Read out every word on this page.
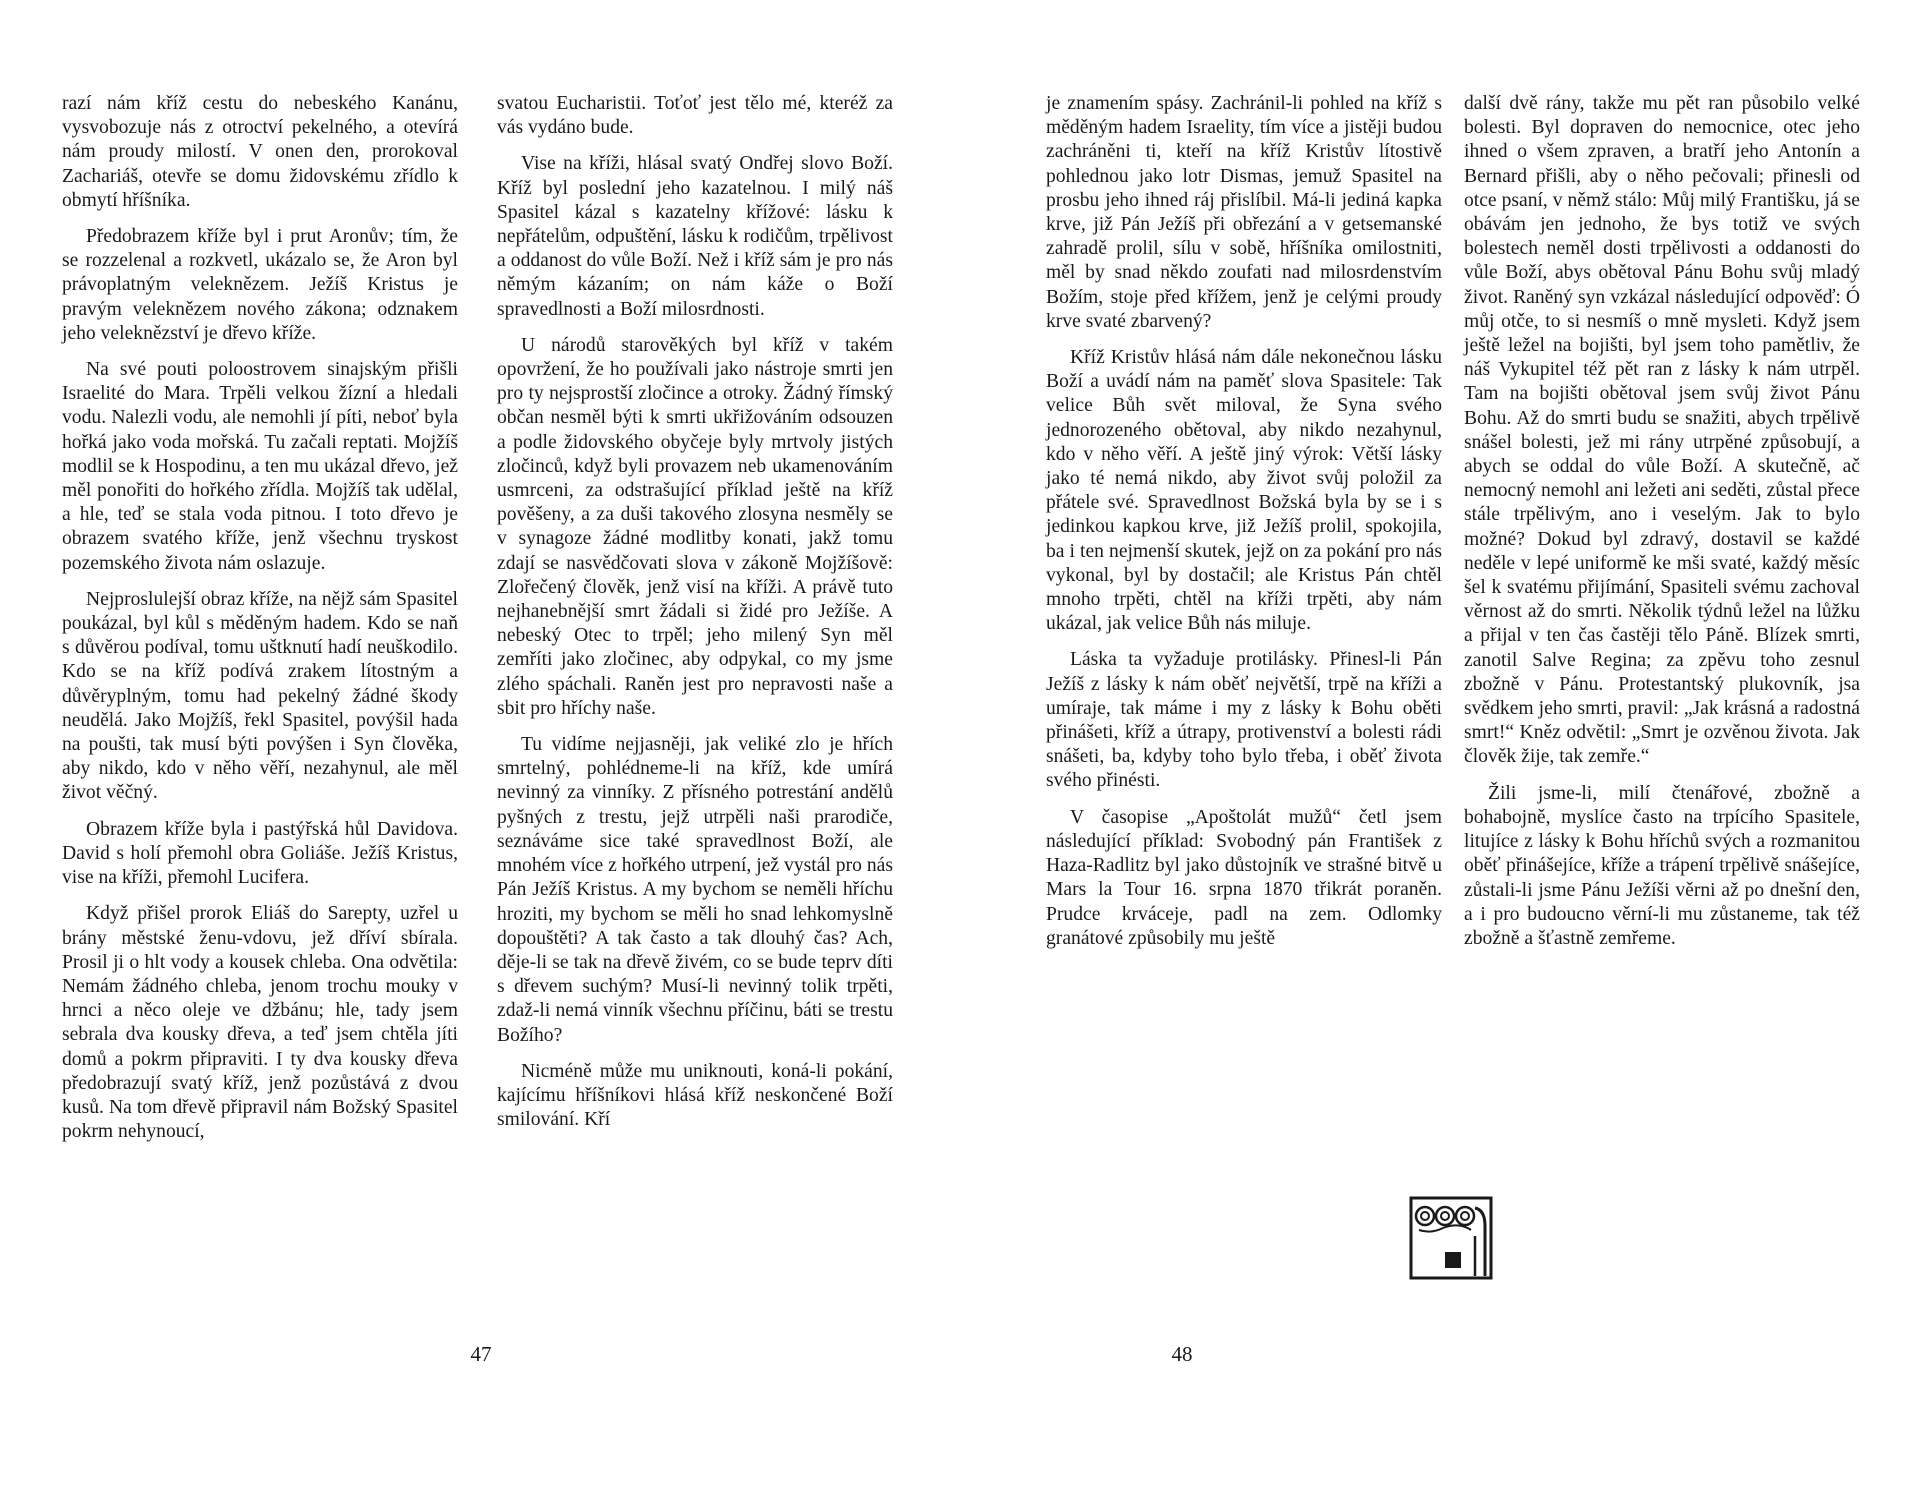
razí nám kříž cestu do nebeského Kanánu, vysvobozuje nás z otroctví pekelného, a otevírá nám proudy milostí. V onen den, prorokoval Zachariáš, otevře se domu židovskému zřídlo k obmytí hříšníka.

Předobrazem kříže byl i prut Aronův; tím, že se rozzelenal a rozkvetl, ukázalo se, že Aron byl právoplatným veleknězem. Ježíš Kristus je pravým veleknězem nového zákona; odznakem jeho veleknězství je dřevo kříže.

Na své pouti poloostrovem sinajským přišli Israelité do Mara. Trpěli velkou žízní a hledali vodu. Nalezli vodu, ale nemohli jí píti, neboť byla hořká jako voda mořská. Tu začali reptati. Mojžíš modlil se k Hospodinu, a ten mu ukázal dřevo, jež měl ponořiti do hořkého zřídla. Mojžíš tak udělal, a hle, teď se stala voda pitnou. I toto dřevo je obrazem svatého kříže, jenž všechnu tryskost pozemského života nám oslazuje.

Nejproslulejší obraz kříže, na nějž sám Spasitel poukázal, byl kůl s měděným hadem. Kdo se naň s důvěrou podíval, tomu uštknutí hadí neuškodilo. Kdo se na kříž podívá zrakem lítostným a důvěryplným, tomu had pekelný žádné škody neudělá. Jako Mojžíš, řekl Spasitel, povýšil hada na poušti, tak musí býti povýšen i Syn člověka, aby nikdo, kdo v něho věří, nezahynul, ale měl život věčný.

Obrazem kříže byla i pastýřská hůl Davidova. David s holí přemohl obra Goliáše. Ježíš Kristus, vise na kříži, přemohl Lucifera.

Když přišel prorok Eliáš do Sarepty, uzřel u brány městské ženu-vdovu, jež dříví sbírala. Prosil ji o hlt vody a kousek chleba. Ona odvětila: Nemám žádného chleba, jenom trochu mouky v hrnci a něco oleje ve džbánu; hle, tady jsem sebrala dva kousky dřeva, a teď jsem chtěla jíti domů a pokrm připraviti. I ty dva kousky dřeva předobrazují svatý kříž, jenž pozůstává z dvou kusů. Na tom dřevě připravil nám Božský Spasitel pokrm nehynoucí,

svatou Eucharistii. Toťoť jest tělo mé, kteréž za vás vydáno bude.

Vise na kříži, hlásal svatý Ondřej slovo Boží. Kříž byl poslední jeho kazatelnou. I milý náš Spasitel kázal s kazatelny křížové: lásku k nepřátelům, odpuštění, lásku k rodičům, trpělivost a oddanost do vůle Boží. Než i kříž sám je pro nás němým kázaním; on nám káže o Boží spravedlnosti a Boží milosrdnosti.

U národů starověkých byl kříž v takém opovržení, že ho používali jako nástroje smrti jen pro ty nejsprostší zločince a otroky. Žádný římský občan nesměl býti k smrti ukřižováním odsouzen a podle židovského obyčeje byly mrtvoly jistých zločinců, když byli provazem neb ukamenováním usmrceni, za odstrašující příklad ještě na kříž pověšeny, a za duši takového zlosyna nesměly se v synagoze žádné modlitby konati, jakž tomu zdají se nasvědčovati slova v zákoně Mojžíšově: Zlořečený člověk, jenž visí na kříži. A právě tuto nejhanebnější smrt žádali si židé pro Ježíše. A nebeský Otec to trpěl; jeho milený Syn měl zemříti jako zločinec, aby odpykal, co my jsme zlého spáchali. Raněn jest pro nepravosti naše a sbit pro hříchy naše.

Tu vidíme nejjasněji, jak veliké zlo je hřích smrtelný, pohlédneme-li na kříž, kde umírá nevinný za vinníky. Z přísného potrestání andělů pyšných z trestu, jejž utrpěli naši prarodiče, seznáváme sice také spravedlnost Boží, ale mnohém více z hořkého utrpení, jež vystál pro nás Pán Ježíš Kristus. A my bychom se neměli hříchu hroziti, my bychom se měli ho snad lehkomyslně dopouštěti? A tak často a tak dlouhý čas? Ach, děje-li se tak na dřevě živém, co se bude teprv díti s dřevem suchým? Musí-li nevinný tolik trpěti, zdaž-li nemá vinník všechnu příčinu, báti se trestu Božího?

Nicméně může mu uniknouti, koná-li pokání, kajícímu hříšníkovi hlásá kříž neskončené Boží smilování. Kří

47

je znamením spásy. Zachránil-li pohled na kříž s měděným hadem Israelity, tím více a jistěji budou zachráněni ti, kteří na kříž Kristův lítostivě pohlednou jako lotr Dismas, jemuž Spasitel na prosbu jeho ihned ráj přislíbil. Má-li jediná kapka krve, již Pán Ježíš při obřezání a v getsemanské zahradě prolil, sílu v sobě, hříšníka omilostniti, měl by snad někdo zoufati nad milosrdenstvím Božím, stoje před křížem, jenž je celými proudy krve svaté zbarvený?

Kříž Kristův hlásá nám dále nekonečnou lásku Boží a uvádí nám na paměť slova Spasitele: Tak velice Bůh svět miloval, že Syna svého jednorozeného obětoval, aby nikdo nezahynul, kdo v něho věří. A ještě jiný výrok: Větší lásky jako té nemá nikdo, aby život svůj položil za přátele své. Spravedlnost Božská byla by se i s jedinkou kapkou krve, již Ježíš prolil, spokojila, ba i ten nejmenší skutek, jejž on za pokání pro nás vykonal, byl by dostačil; ale Kristus Pán chtěl mnoho trpěti, chtěl na kříži trpěti, aby nám ukázal, jak velice Bůh nás miluje.

Láska ta vyžaduje protilásky. Přinesl-li Pán Ježíš z lásky k nám oběť největší, trpě na kříži a umíraje, tak máme i my z lásky k Bohu oběti přinášeti, kříž a útrapy, protivenství a bolesti rádi snášeti, ba, kdyby toho bylo třeba, i oběť života svého přinésti.

V časopise „Apoštolát mužů“ četl jsem následující příklad: Svobodný pán František z Haza-Radlitz byl jako důstojník ve strašné bitvě u Mars la Tour 16. srpna 1870 třikrát poraněn. Prudce krváceje, padl na zem. Odlomky granátové způsobily mu ještě

další dvě rány, takže mu pět ran působilo velké bolesti. Byl dopraven do nemocnice, otec jeho ihned o všem zpraven, a bratří jeho Antonín a Bernard přišli, aby o něho pečovali; přinesli od otce psaní, v němž stálo: Můj milý Františku, já se obávám jen jednoho, že bys totiž ve svých bolestech neměl dosti trpělivosti a oddanosti do vůle Boží, abys obětoval Pánu Bohu svůj mladý život. Raněný syn vzkázal následující odpověď: Ó můj otče, to si nesmíš o mně mysleti. Když jsem ještě ležel na bojišti, byl jsem toho pamětliv, že náš Vykupitel též pět ran z lásky k nám utrpěl. Tam na bojišti obětoval jsem svůj život Pánu Bohu. Až do smrti budu se snažiti, abych trpělivě snášel bolesti, jež mi rány utrpěné způsobují, a abych se oddal do vůle Boží. A skutečně, ač nemocný nemohl ani ležeti ani seděti, zůstal přece stále trpělivým, ano i veselým. Jak to bylo možné? Dokud byl zdravý, dostavil se každé neděle v lepé uniformě ke mši svaté, každý měsíc šel k svatému přijímání, Spasiteli svému zachoval věrnost až do smrti. Několik týdnů ležel na lůžku a přijal v ten čas častěji tělo Páně. Blízek smrti, zanotil Salve Regina; za zpěvu toho zesnul zbožně v Pánu. Protestantský plukovník, jsa svědkem jeho smrti, pravil: „Jak krásná a radostná smrt!“ Kněz odvětil: „Smrt je ozvěnou života. Jak člověk žije, tak zemře.“

Žili jsme-li, milí čtenářové, zbožně a bohabojně, myslíce často na trpícího Spasitele, litujíce z lásky k Bohu hříchů svých a rozmanitou oběť přinášejíce, kříže a trápení trpělivě snášejíce, zůstali-li jsme Pánu Ježíši věrni až po dnešní den, a i pro budoucno věrní-li mu zůstaneme, tak též zbožně a šťastně zemřeme.

48
